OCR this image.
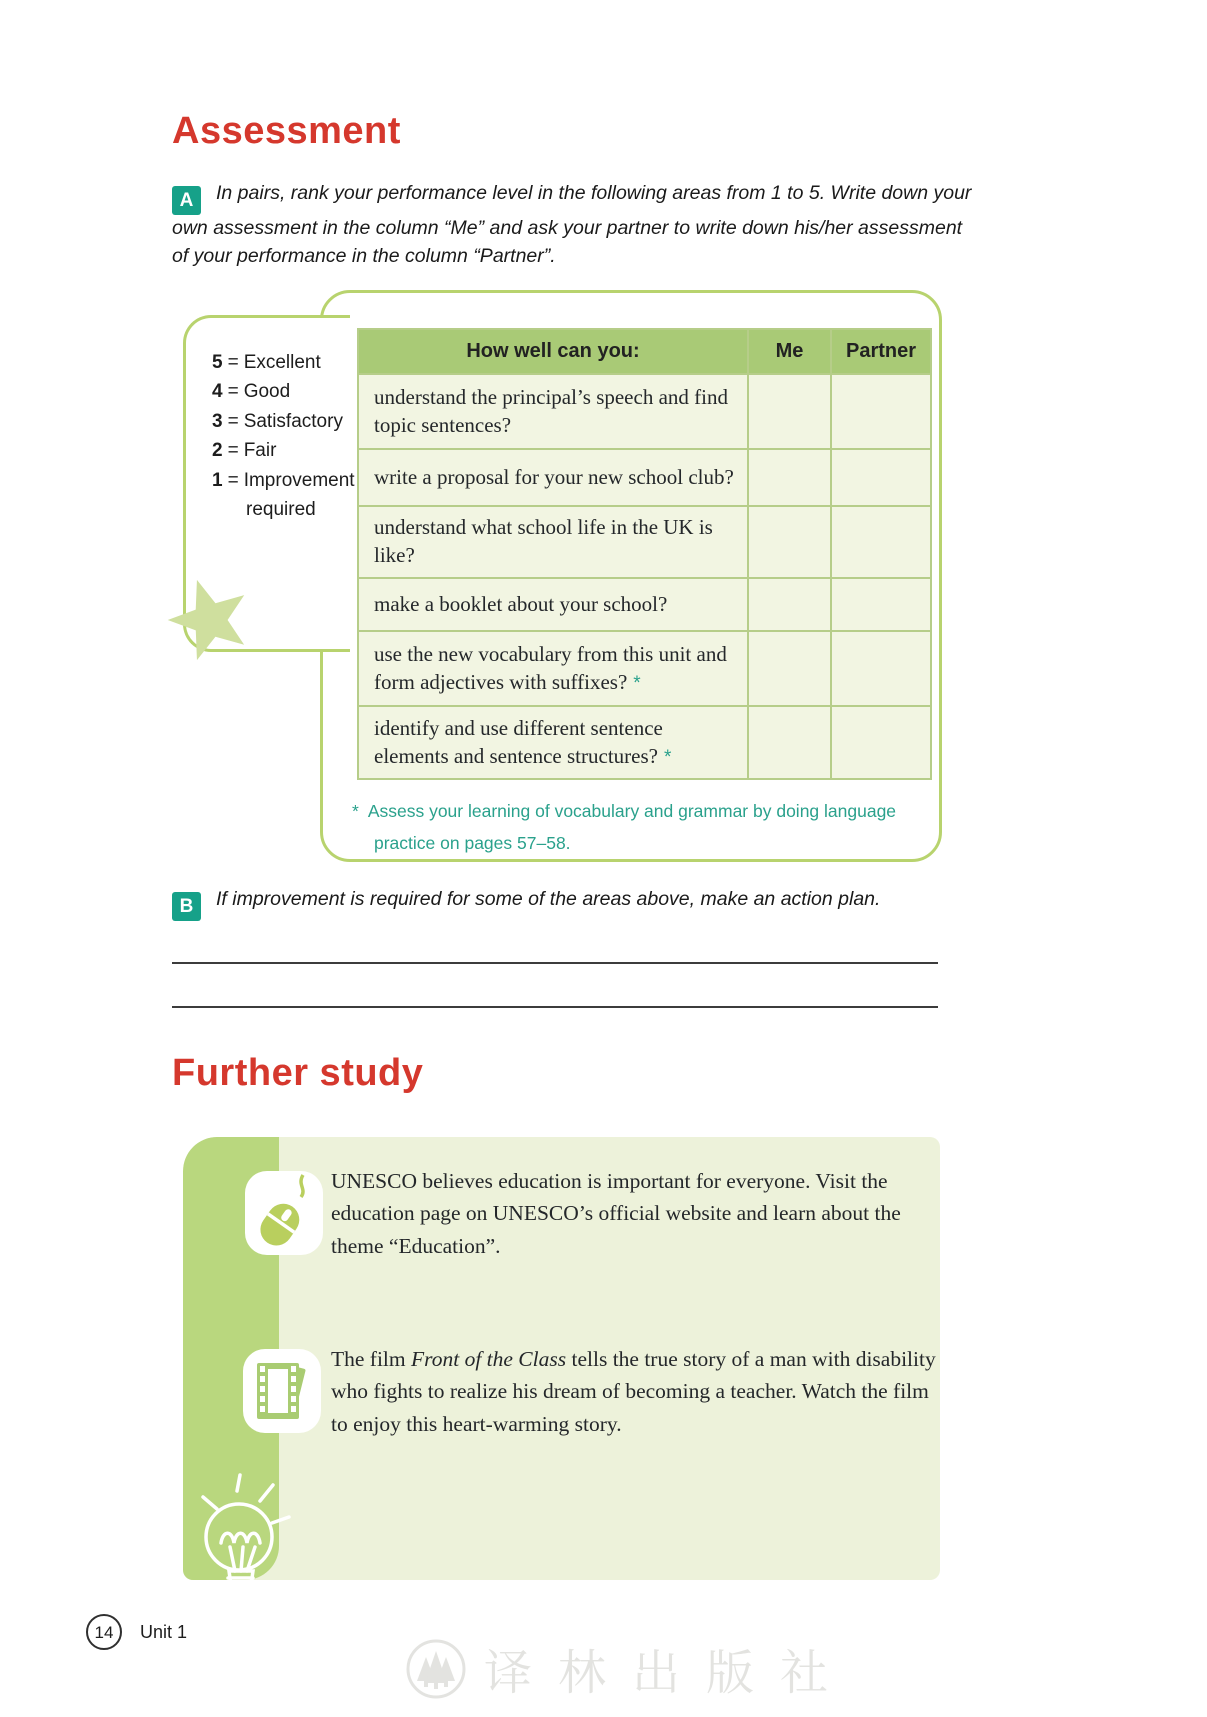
Assessment
A In pairs, rank your performance level in the following areas from 1 to 5. Write down your own assessment in the column “Me” and ask your partner to write down his/her assessment of your performance in the column “Partner”.
5 = Excellent
4 = Good
3 = Satisfactory
2 = Fair
1 = Improvement required
How well can you:	Me	Partner
understand the principal’s speech and find topic sentences?		
write a proposal for your new school club?		
understand what school life in the UK is like?		
make a booklet about your school?		
use the new vocabulary from this unit and form adjectives with suffixes? *		
identify and use different sentence elements and sentence structures? *		
* Assess your learning of vocabulary and grammar by doing language practice on pages 57–58.
B If improvement is required for some of the areas above, make an action plan.
Further study

UNESCO believes education is important for everyone. Visit the education page on UNESCO’s official website and learn about the theme “Education”.

The film Front of the Class tells the true story of a man with disability who fights to realize his dream of becoming a teacher. Watch the film to enjoy this heart-warming story.

14	Unit 1
译林出版社
